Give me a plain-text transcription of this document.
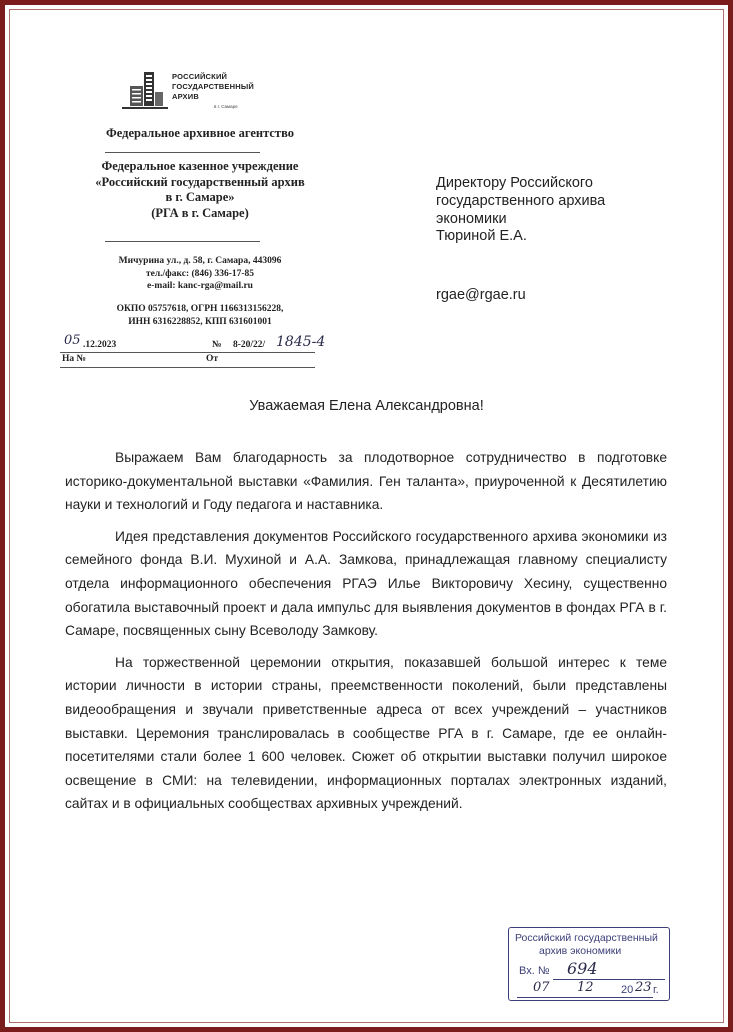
РОССИЙСКИЙ
ГОСУДАРСТВЕННЫЙ
АРХИВ
в г. Самаре
Федеральное архивное агентство
Федеральное казенное учреждение
«Российский государственный архив
в г. Самаре»
(РГА в г. Самаре)
Мичурина ул., д. 58, г. Самара, 443096
тел./факс: (846) 336-17-85
e-mail: kanc-rga@mail.ru
ОКПО 05757618, ОГРН 1166313156228,
ИНН 6316228852, КПП 631601001
05 .12.2023	№ 8-20/22/ 1845-4
На №	От
Директору Российского
государственного архива
экономики
Тюриной Е.А.
rgae@rgae.ru
Уважаемая Елена Александровна!

Выражаем Вам благодарность за плодотворное сотрудничество в подготовке историко-документальной выставки «Фамилия. Ген таланта», приуроченной к Десятилетию науки и технологий и Году педагога и наставника.

Идея представления документов Российского государственного архива экономики из семейного фонда В.И. Мухиной и А.А. Замкова, принадлежащая главному специалисту отдела информационного обеспечения РГАЭ Илье Викторовичу Хесину, существенно обогатила выставочный проект и дала импульс для выявления документов в фондах РГА в г. Самаре, посвященных сыну Всеволоду Замкову.

На торжественной церемонии открытия, показавшей большой интерес к теме истории личности в истории страны, преемственности поколений, были представлены видеообращения и звучали приветственные адреса от всех учреждений – участников выставки. Церемония транслировалась в сообществе РГА в г. Самаре, где ее онлайн-посетителями стали более 1 600 человек. Сюжет об открытии выставки получил широкое освещение в СМИ: на телевидении, информационных порталах электронных изданий, сайтах и в официальных сообществах архивных учреждений.

Российский государственный
архив экономики
Вх. № 694
07 12 20 23 г.
